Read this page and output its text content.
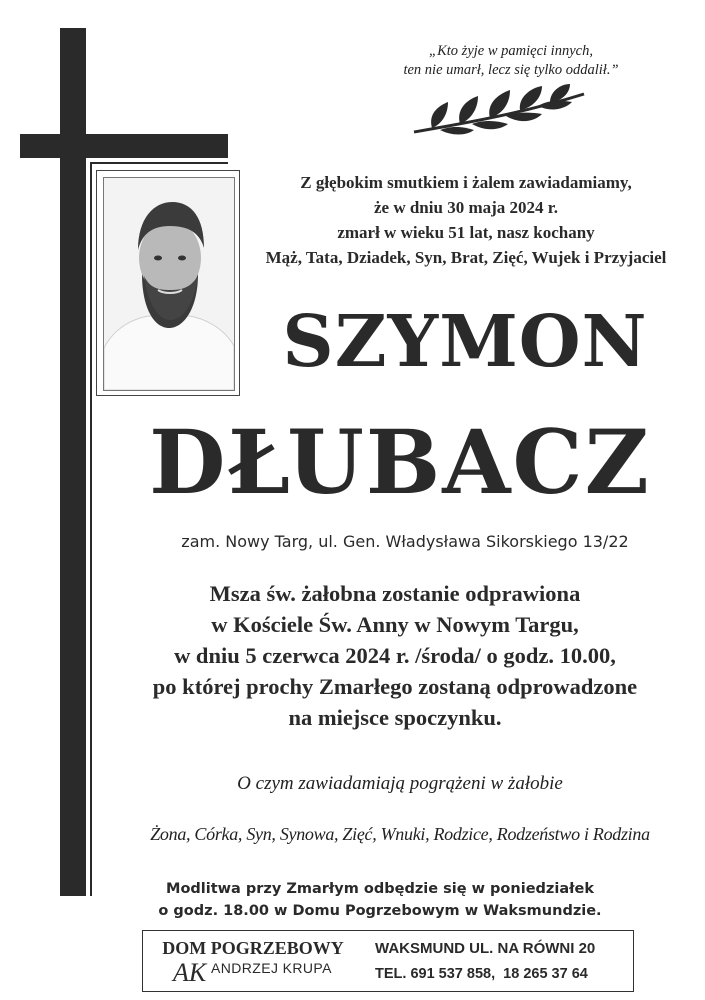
„Kto żyje w pamięci innych,
ten nie umarł, lecz się tylko oddalił.”
Z głębokim smutkiem i żalem zawiadamiamy,
że w dniu 30 maja 2024 r.
zmarł w wieku 51 lat, nasz kochany
Mąż, Tata, Dziadek, Syn, Brat, Zięć, Wujek i Przyjaciel
SZYMON
DŁUBACZ
zam. Nowy Targ, ul. Gen. Władysława Sikorskiego 13/22
Msza św. żałobna zostanie odprawiona
w Kościele Św. Anny w Nowym Targu,
w dniu 5 czerwca 2024 r. /środa/ o godz. 10.00,
po której prochy Zmarłego zostaną odprowadzone
na miejsce spoczynku.
O czym zawiadamiają pogrążeni w żałobie
Żona, Córka, Syn, Synowa, Zięć, Wnuki, Rodzice, Rodzeństwo i Rodzina
Modlitwa przy Zmarłym odbędzie się w poniedziałek
o godz. 18.00 w Domu Pogrzebowym w Waksmundzie.
DOM POGRZEBOWY
AK ANDRZEJ KRUPA
WAKSMUND UL. NA RÓWNI 20
TEL. 691 537 858,  18 265 37 64
